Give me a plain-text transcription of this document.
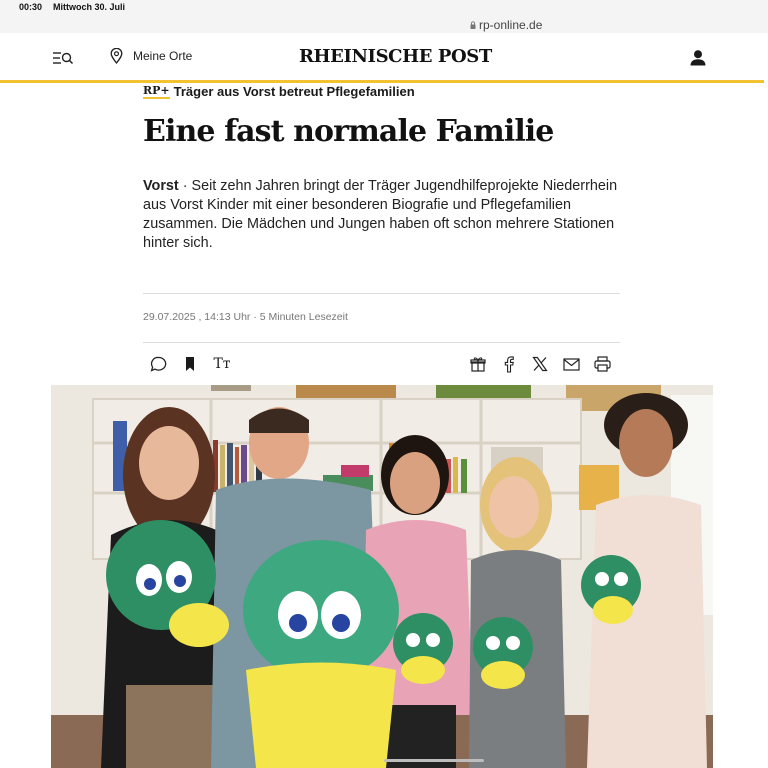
00:30 Mittwoch 30. Juli
rp-online.de
Meine Orte	RHEINISCHE POST
RP+ Träger aus Vorst betreut Pflegefamilien
Eine fast normale Familie

Vorst · Seit zehn Jahren bringt der Träger Jugendhilfeprojekte Niederrhein aus Vorst Kinder mit einer besonderen Biografie und Pflegefamilien zusammen. Die Mädchen und Jungen haben oft schon mehrere Stationen hinter sich.

29.07.2025 , 14:13 Uhr · 5 Minuten Lesezeit
Tт
